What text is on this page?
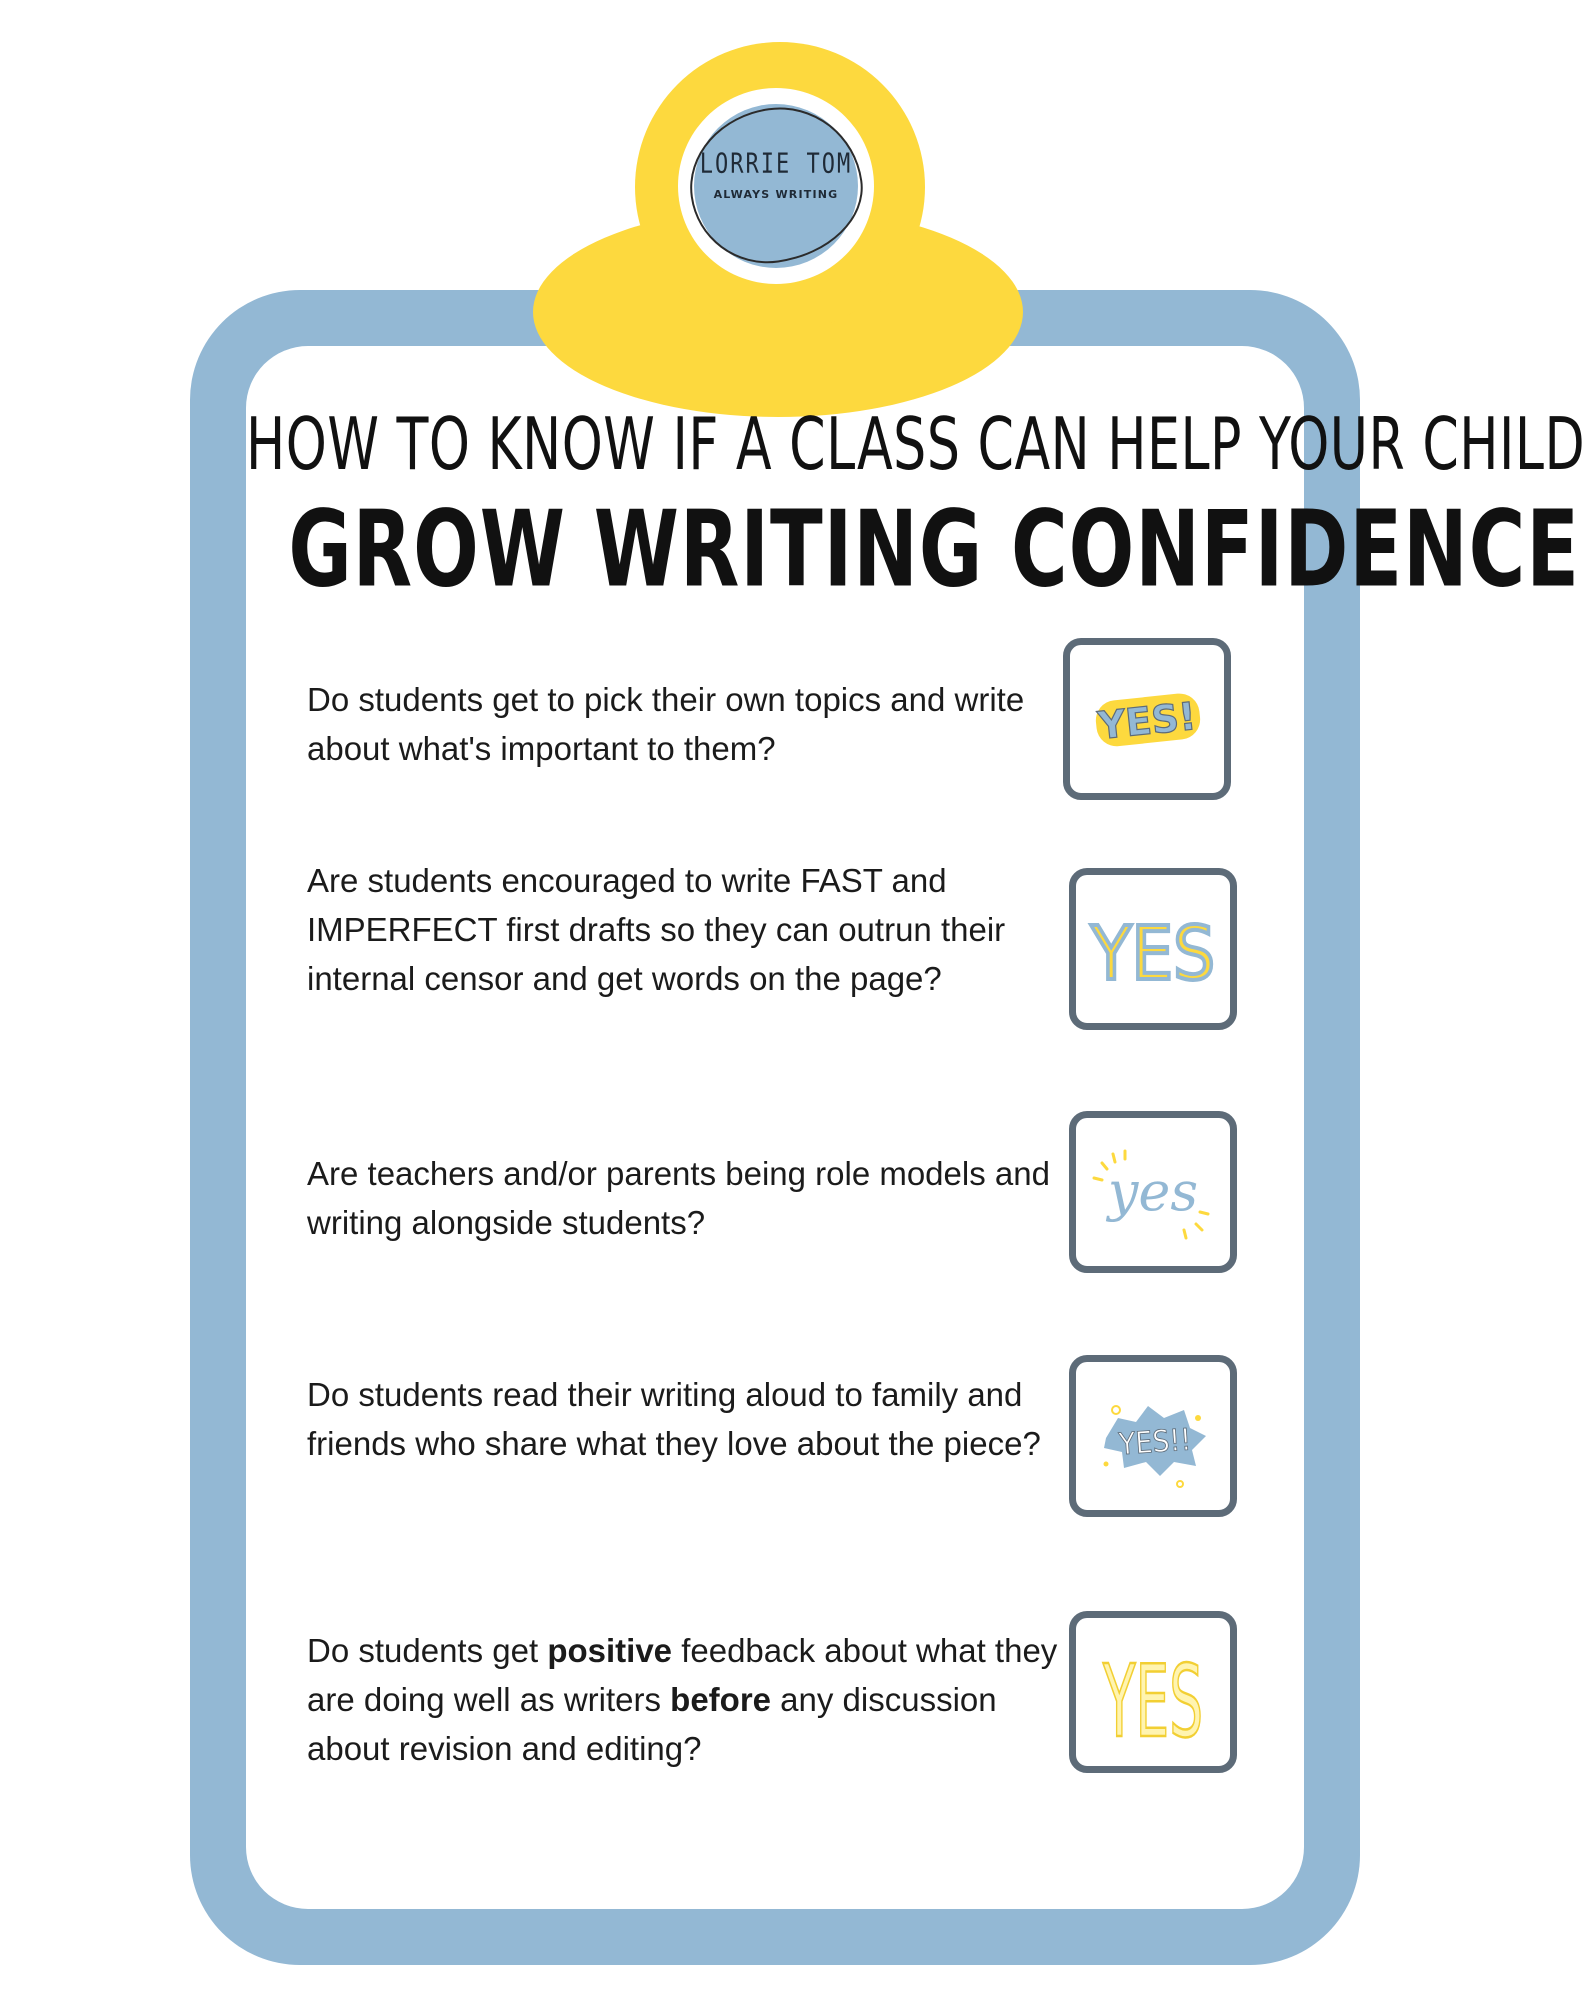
LORRIE TOM
ALWAYS WRITING
HOW TO KNOW IF A CLASS CAN HELP YOUR CHILD
GROW WRITING CONFIDENCE
Do students get to pick their own topics and write about what's important to them?
YES!
Are students encouraged to write FAST and IMPERFECT first drafts so they can outrun their internal censor and get words on the page?	YES
Are teachers and/or parents being role models and writing alongside students?	yes
Do students read their writing aloud to family and friends who share what they love about the piece?	YES!!
Do students get positive feedback about what they are doing well as writers before any discussion about revision and editing?	YES
